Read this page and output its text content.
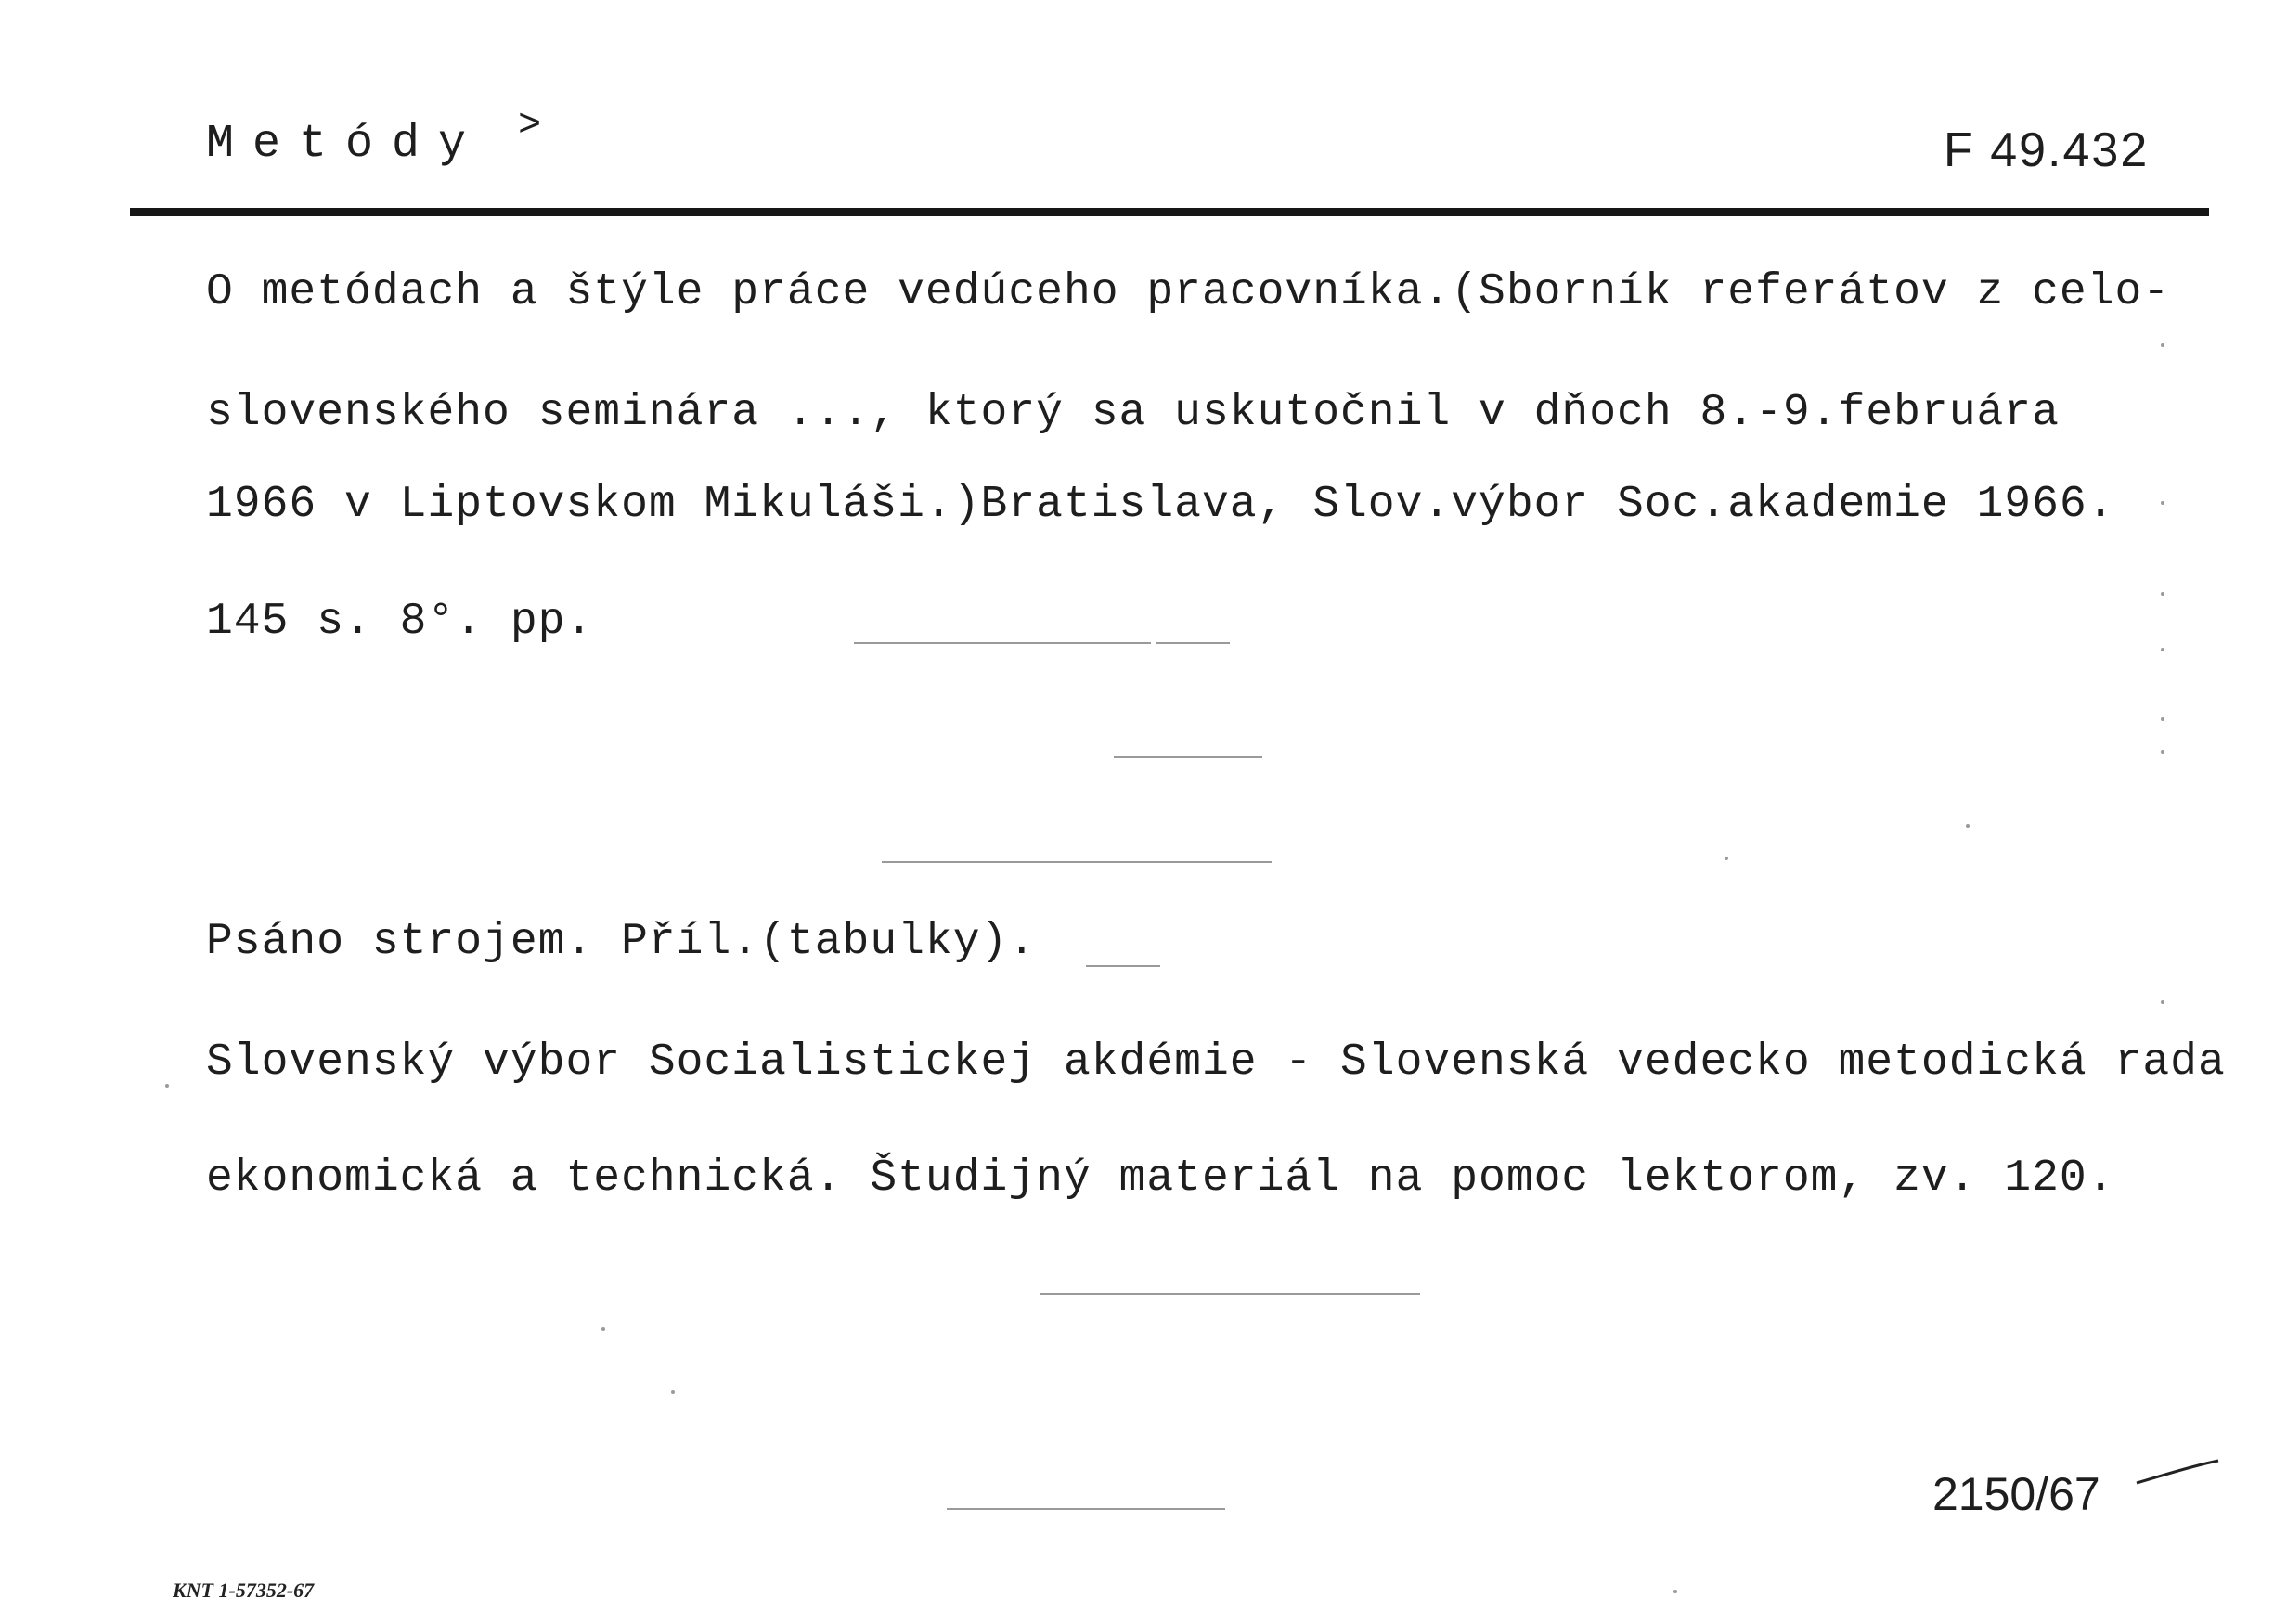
Metódy >	F 49.432
O metódach a štýle práce vedúceho pracovníka.(Sborník referátov z celo-
slovenského seminára ..., ktorý sa uskutočnil v dňoch 8.-9.februára
1966 v Liptovskom Mikuláši.)Bratislava, Slov.výbor Soc.akademie 1966.
145 s. 8°. pp.
Psáno strojem. Příl.(tabulky).
Slovenský výbor Socialistickej akdémie - Slovenská vedecko metodická rada
ekonomická a technická. Študijný materiál na pomoc lektorom, zv. 120.
2150/67
KNT 1-57352-67
